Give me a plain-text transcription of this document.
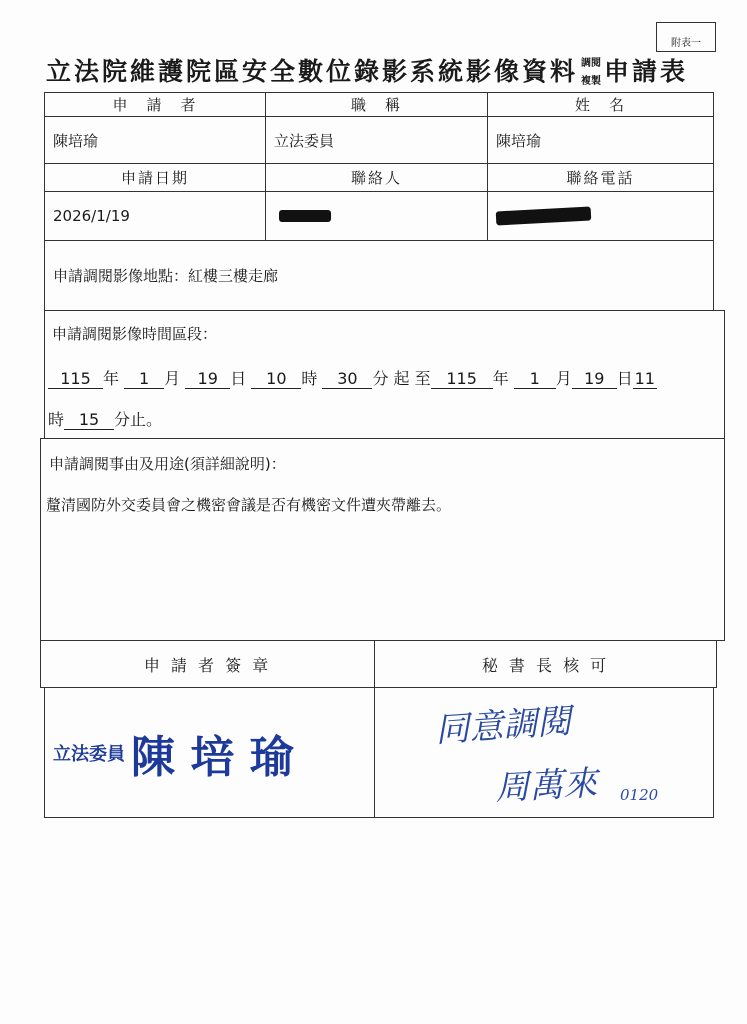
附表一
立法院維護院區安全數位錄影系統影像資料 調閱
複製 申請表
申　請　者	職　稱	姓　名
陳培瑜	立法委員	陳培瑜
申請日期	聯絡人	聯絡電話
2026/1/19
申請調閱影像地點： 紅樓三樓走廊
申請調閱影像時間區段：
115 年 1 月 19 日 10 時 30 分 起 至 115 年 1 月 19 日 11
時 15 分止。
申請調閱事由及用途(須詳細說明)：
釐清國防外交委員會之機密會議是否有機密文件遭夾帶離去。
申 請 者 簽 章	秘 書 長 核 可
立法委員 陳 培 瑜
同意調閱
周萬來 0120
